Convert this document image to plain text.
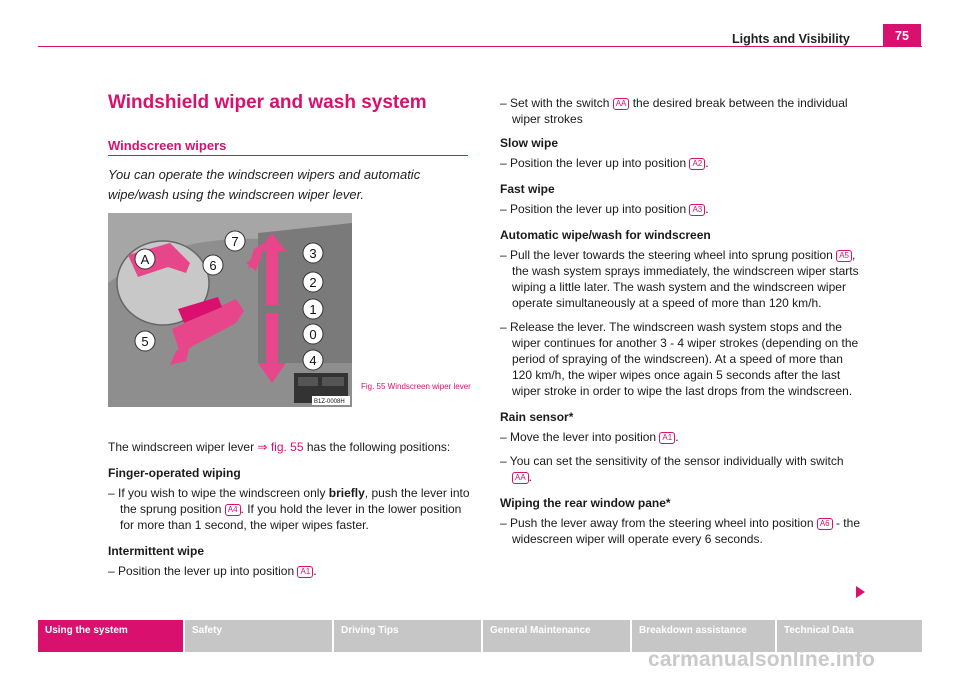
Lights and Visibility	75
Windshield wiper and wash system
Windscreen wipers
You can operate the windscreen wipers and automatic wipe/wash using the windscreen wiper lever.
7
3
A	6
2
1
0
5
4
B1Z-0008H
Fig. 55 Windscreen wiper lever

The windscreen wiper lever ⇒ fig. 55 has the following positions:

Finger-operated wiping

– If you wish to wipe the windscreen only briefly, push the lever into the sprung position A4 . If you hold the lever in the lower position for more than 1 second, the wiper wipes faster.

Intermittent wipe

– Position the lever up into position A1 .

– Set with the switch AA the desired break between the individual wiper strokes

Slow wipe

– Position the lever up into position A2 .

Fast wipe

– Position the lever up into position A3 .

Automatic wipe/wash for windscreen

– Pull the lever towards the steering wheel into sprung position A5 , the wash system sprays immediately, the windscreen wiper starts wiping a little later. The wash system and the windscreen wiper operate simultaneously at a speed of more than 120 km/h.

– Release the lever. The windscreen wash system stops and the wiper continues for another 3 - 4 wiper strokes (depending on the period of spraying of the windscreen). At a speed of more than 120 km/h, the wiper wipes once again 5 seconds after the last wiper stroke in order to wipe the last drops from the windscreen.

Rain sensor*

– Move the lever into position A1 .

– You can set the sensitivity of the sensor individually with switch AA .

Wiping the rear window pane*

– Push the lever away from the steering wheel into position A6 - the widescreen wiper will operate every 6 seconds.

Using the system	Safety	Driving Tips	General Maintenance	Breakdown assistance	Technical Data
carmanualsonline.info
